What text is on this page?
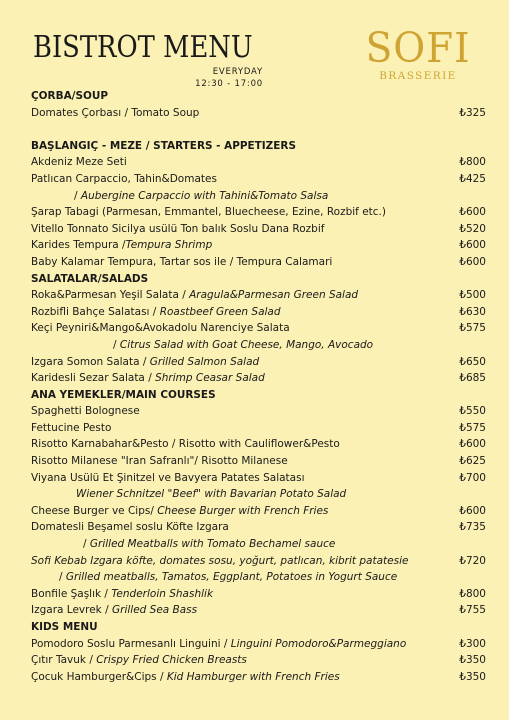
BISTROT MENU
EVERYDAY
12:30 - 17:00
SOFI
BRASSERIE
ÇORBA/SOUP
Domates Çorbası / Tomato Soup	₺325
BAŞLANGIÇ - MEZE / STARTERS - APPETIZERS
Akdeniz Meze Seti	₺800
Patlıcan Carpaccio, Tahin&Domates	₺425
/ Aubergine Carpaccio with Tahini&Tomato Salsa
Şarap Tabagi (Parmesan, Emmantel, Bluecheese, Ezine, Rozbif etc.)	₺600
Vitello Tonnato Sicilya usülü Ton balık Soslu Dana Rozbif	₺520
Karides Tempura /Tempura Shrimp	₺600
Baby Kalamar Tempura, Tartar sos ile / Tempura Calamari	₺600
SALATALAR/SALADS
Roka&Parmesan Yeşil Salata / Aragula&Parmesan Green Salad	₺500
Rozbifli Bahçe Salatası / Roastbeef Green Salad	₺630
Keçi Peyniri&Mango&Avokadolu Narenciye Salata	₺575
/ Citrus Salad with Goat Cheese, Mango, Avocado
Izgara Somon Salata / Grilled Salmon Salad	₺650
Karidesli Sezar Salata / Shrimp Ceasar Salad	₺685
ANA YEMEKLER/MAIN COURSES
Spaghetti Bolognese	₺550
Fettucine Pesto	₺575
Risotto Karnabahar&Pesto / Risotto with Cauliflower&Pesto	₺600
Risotto Milanese "Iran Safranlı"/ Risotto Milanese	₺625
Viyana Usülü Et Şinitzel ve Bavyera Patates Salatası	₺700
Wiener Schnitzel "Beef" with Bavarian Potato Salad
Cheese Burger ve Cips/ Cheese Burger with French Fries	₺600
Domatesli Beşamel soslu Köfte Izgara	₺735
/ Grilled Meatballs with Tomato Bechamel sauce
Sofi Kebab Izgara köfte, domates sosu, yoğurt, patlıcan, kibrit patatesie	₺720
/ Grilled meatballs, Tamatos, Eggplant, Potatoes in Yogurt Sauce
Bonfile Şaşlık / Tenderloin Shashlik	₺800
Izgara Levrek / Grilled Sea Bass	₺755
KIDS MENU
Pomodoro Soslu Parmesanlı Linguini / Linguini Pomodoro&Parmeggiano	₺300
Çıtır Tavuk / Crispy Fried Chicken Breasts	₺350
Çocuk Hamburger&Cips / Kid Hamburger with French Fries	₺350
